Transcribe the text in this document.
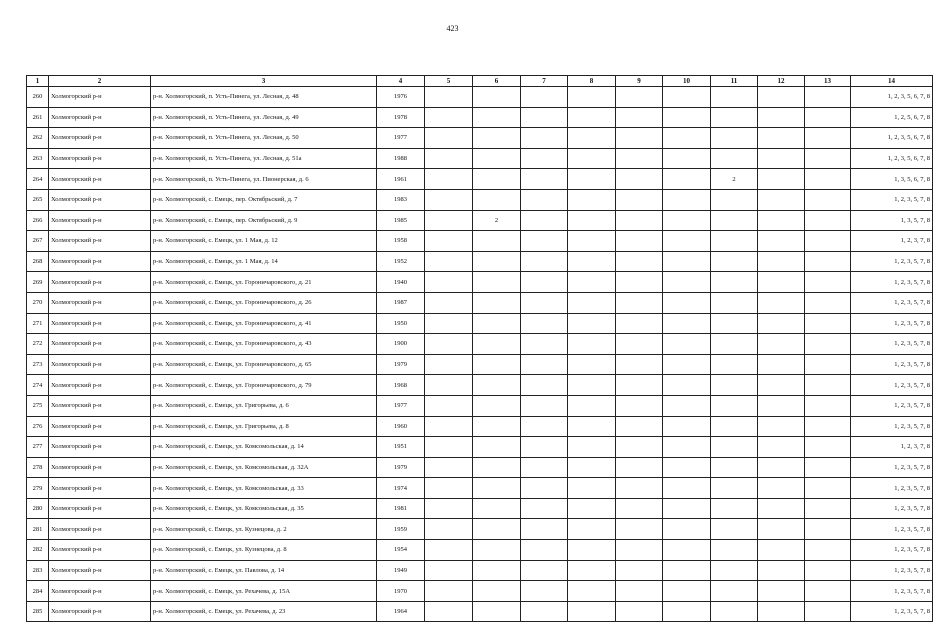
423
1	2	3	4	5	6	7	8	9	10	11	12	13	14
260	Холмогорский р-н	р-н. Холмогорский, п. Усть-Пинега, ул. Лесная, д. 48	1976										1, 2, 3, 5, 6, 7, 8
261	Холмогорский р-н	р-н. Холмогорский, п. Усть-Пинега, ул. Лесная, д. 49	1978										1, 2, 5, 6, 7, 8
262	Холмогорский р-н	р-н. Холмогорский, п. Усть-Пинега, ул. Лесная, д. 50	1977										1, 2, 3, 5, 6, 7, 8
263	Холмогорский р-н	р-н. Холмогорский, п. Усть-Пинега, ул. Лесная, д. 51а	1988										1, 2, 3, 5, 6, 7, 8
264	Холмогорский р-н	р-н. Холмогорский, п. Усть-Пинега, ул. Пионерская, д. 6	1961							2			1, 3, 5, 6, 7, 8
265	Холмогорский р-н	р-н. Холмогорский, с. Емецк, пер. Октябрьский, д. 7	1983										1, 2, 3, 5, 7, 8
266	Холмогорский р-н	р-н. Холмогорский, с. Емецк, пер. Октябрьский, д. 9	1985		2								1, 3, 5, 7, 8
267	Холмогорский р-н	р-н. Холмогорский, с. Емецк, ул. 1 Мая, д. 12	1958										1, 2, 3, 7, 8
268	Холмогорский р-н	р-н. Холмогорский, с. Емецк, ул. 1 Мая, д. 14	1952										1, 2, 3, 5, 7, 8
269	Холмогорский р-н	р-н. Холмогорский, с. Емецк, ул. Гороничаровского, д. 21	1940										1, 2, 3, 5, 7, 8
270	Холмогорский р-н	р-н. Холмогорский, с. Емецк, ул. Гороничаровского, д. 26	1987										1, 2, 3, 5, 7, 8
271	Холмогорский р-н	р-н. Холмогорский, с. Емецк, ул. Гороничаровского, д. 41	1950										1, 2, 3, 5, 7, 8
272	Холмогорский р-н	р-н. Холмогорский, с. Емецк, ул. Гороничаровского, д. 43	1900										1, 2, 3, 5, 7, 8
273	Холмогорский р-н	р-н. Холмогорский, с. Емецк, ул. Гороничаровского, д. 65	1979										1, 2, 3, 5, 7, 8
274	Холмогорский р-н	р-н. Холмогорский, с. Емецк, ул. Гороничаровского, д. 79	1968										1, 2, 3, 5, 7, 8
275	Холмогорский р-н	р-н. Холмогорский, с. Емецк, ул. Григорьева, д. 6	1977										1, 2, 3, 5, 7, 8
276	Холмогорский р-н	р-н. Холмогорский, с. Емецк, ул. Григорьева, д. 8	1960										1, 2, 3, 5, 7, 8
277	Холмогорский р-н	р-н. Холмогорский, с. Емецк, ул. Комсомольская, д. 14	1951										1, 2, 3, 7, 8
278	Холмогорский р-н	р-н. Холмогорский, с. Емецк, ул. Комсомольская, д. 32А	1979										1, 2, 3, 5, 7, 8
279	Холмогорский р-н	р-н. Холмогорский, с. Емецк, ул. Комсомольская, д. 33	1974										1, 2, 3, 5, 7, 8
280	Холмогорский р-н	р-н. Холмогорский, с. Емецк, ул. Комсомольская, д. 35	1981										1, 2, 3, 5, 7, 8
281	Холмогорский р-н	р-н. Холмогорский, с. Емецк, ул. Кузнецова, д. 2	1959										1, 2, 3, 5, 7, 8
282	Холмогорский р-н	р-н. Холмогорский, с. Емецк, ул. Кузнецова, д. 8	1954										1, 2, 3, 5, 7, 8
283	Холмогорский р-н	р-н. Холмогорский, с. Емецк, ул. Павлова, д. 14	1949										1, 2, 3, 5, 7, 8
284	Холмогорский р-н	р-н. Холмогорский, с. Емецк, ул. Рехачева, д. 15А	1970										1, 2, 3, 5, 7, 8
285	Холмогорский р-н	р-н. Холмогорский, с. Емецк, ул. Рехачева, д. 23	1964										1, 2, 3, 5, 7, 8
